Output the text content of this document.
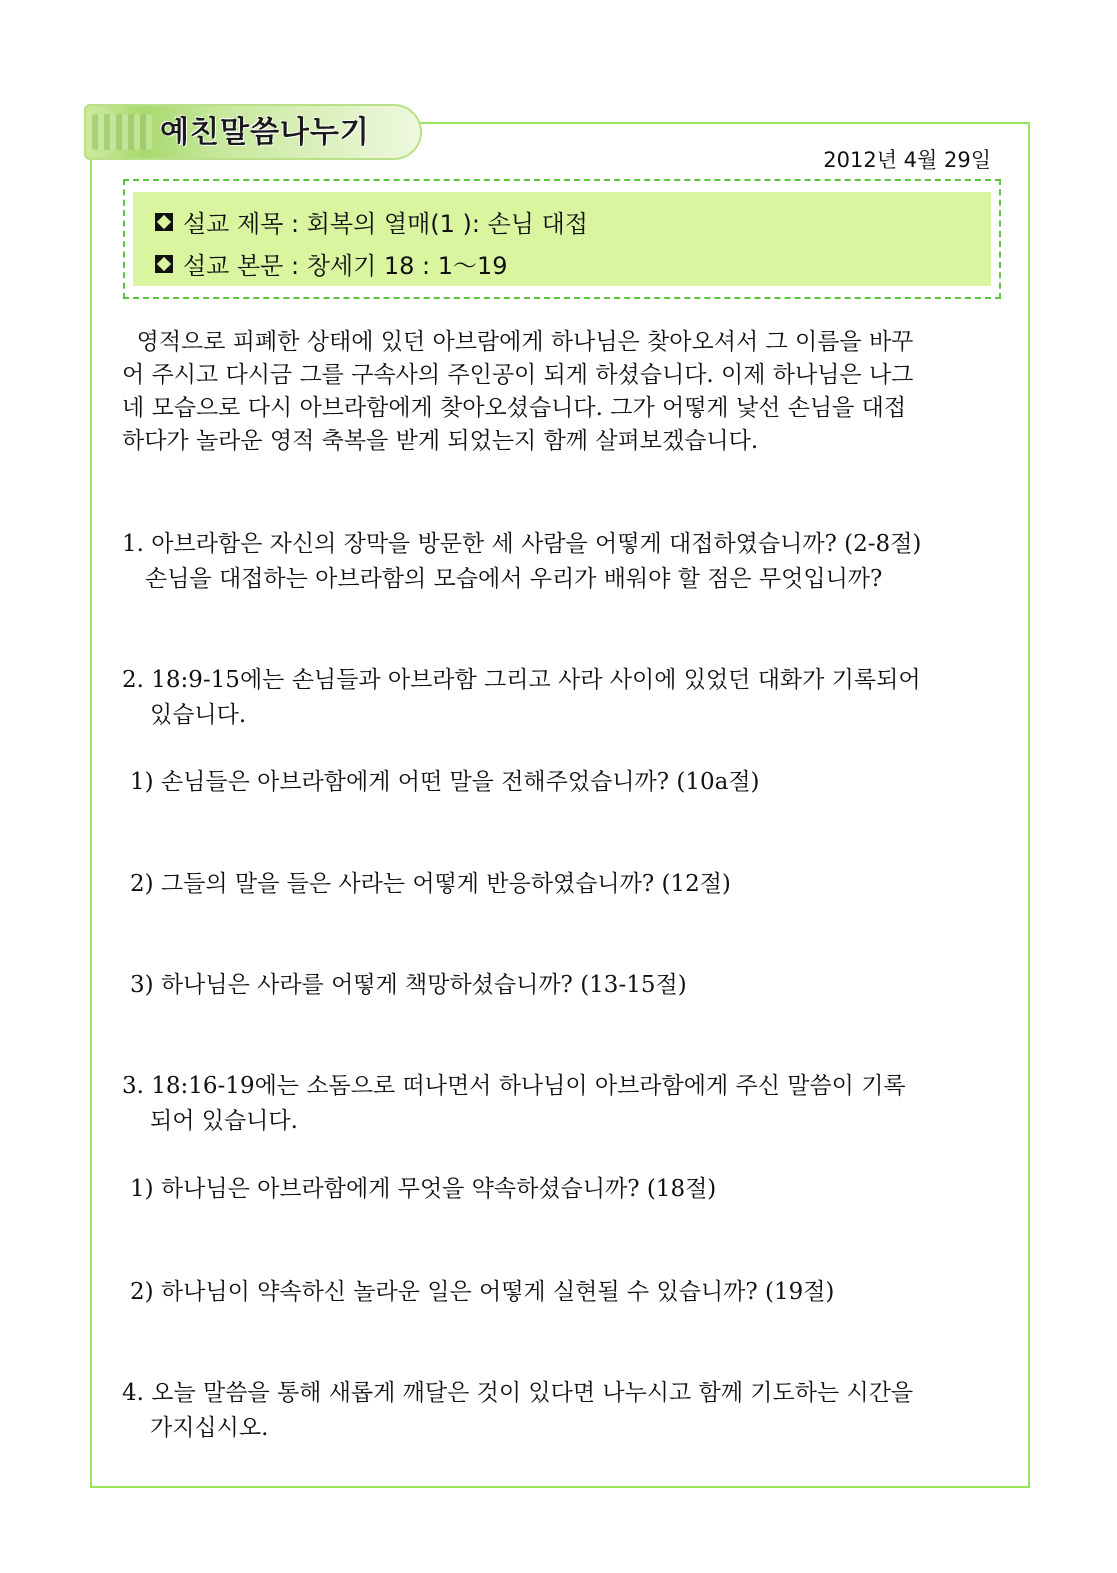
예친말씀나누기
2012년 4월 29일
설교 제목 : 회복의 열매(1 ): 손님 대접
설교 본문 : 창세기 18 : 1～19
영적으로 피폐한 상태에 있던 아브람에게 하나님은 찾아오셔서 그 이름을 바꾸
어 주시고 다시금 그를 구속사의 주인공이 되게 하셨습니다. 이제 하나님은 나그
네 모습으로 다시 아브라함에게 찾아오셨습니다. 그가 어떻게 낯선 손님을 대접
하다가 놀라운 영적 축복을 받게 되었는지 함께 살펴보겠습니다.
1. 아브라함은 자신의 장막을 방문한 세 사람을 어떻게 대접하였습니까? (2-8절)
손님을 대접하는 아브라함의 모습에서 우리가 배워야 할 점은 무엇입니까?
2. 18:9-15에는 손님들과 아브라함 그리고 사라 사이에 있었던 대화가 기록되어
있습니다.
1) 손님들은 아브라함에게 어떤 말을 전해주었습니까? (10a절)
2) 그들의 말을 들은 사라는 어떻게 반응하였습니까? (12절)
3) 하나님은 사라를 어떻게 책망하셨습니까? (13-15절)
3. 18:16-19에는 소돔으로 떠나면서 하나님이 아브라함에게 주신 말씀이 기록
되어 있습니다.
1) 하나님은 아브라함에게 무엇을 약속하셨습니까? (18절)
2) 하나님이 약속하신 놀라운 일은 어떻게 실현될 수 있습니까? (19절)
4. 오늘 말씀을 통해 새롭게 깨달은 것이 있다면 나누시고 함께 기도하는 시간을
가지십시오.
